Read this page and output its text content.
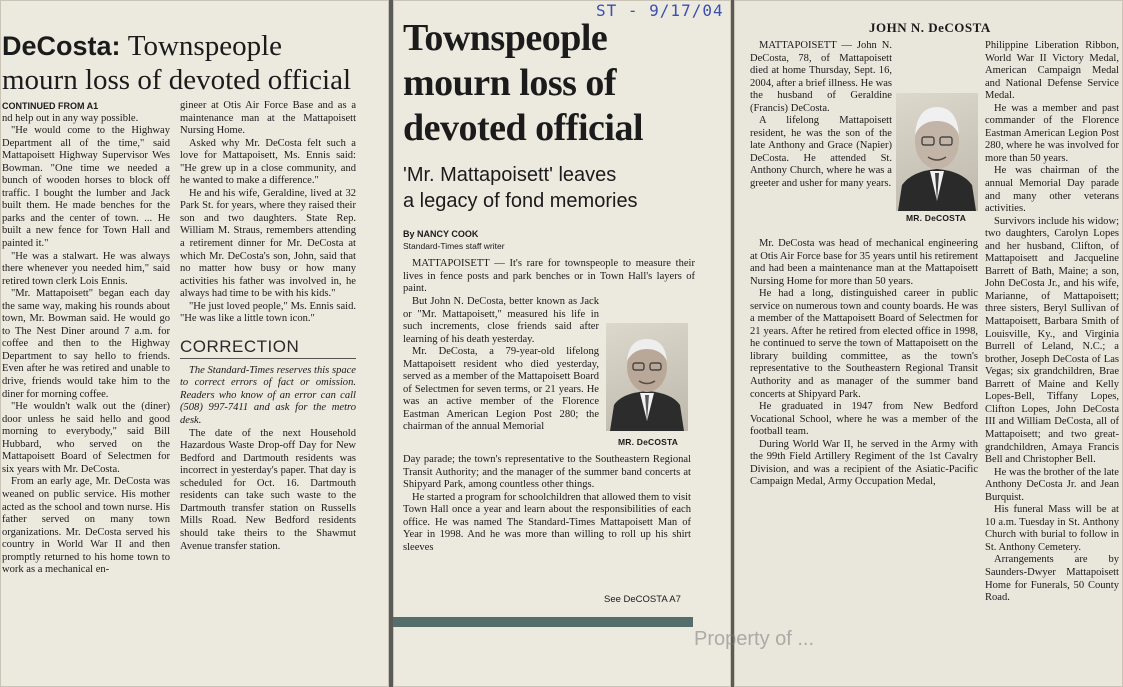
DeCosta: Townspeople
mourn loss of devoted official
CONTINUED FROM A1

nd help out in any way possible.

"He would come to the Highway Department all of the time," said Mattapoisett Highway Supervisor Wes Bowman. "One time we needed a bunch of wooden horses to block off traffic. I bought the lumber and Jack built them. He made benches for the parks and the center of town. ... He built a new fence for Town Hall and painted it."

"He was a stalwart. He was always there whenever you needed him," said retired town clerk Lois Ennis.

"Mr. Mattapoisett" began each day the same way, making his rounds about town, Mr. Bowman said. He would go to The Nest Diner around 7 a.m. for coffee and then to the Highway Department to say hello to friends. Even after he was retired and unable to drive, friends would take him to the diner for morning coffee.

"He wouldn't walk out the (diner) door unless he said hello and good morning to everybody," said Bill Hubbard, who served on the Mattapoisett Board of Selectmen for six years with Mr. DeCosta.

From an early age, Mr. DeCosta was weaned on public service. His mother acted as the school and town nurse. His father served on many town organizations. Mr. DeCosta served his country in World War II and then promptly returned to his home town to work as a mechanical en-

gineer at Otis Air Force Base and as a maintenance man at the Mattapoisett Nursing Home.

Asked why Mr. DeCosta felt such a love for Mattapoisett, Ms. Ennis said: "He grew up in a close community, and he wanted to make a difference."

He and his wife, Geraldine, lived at 32 Park St. for years, where they raised their son and two daughters. State Rep. William M. Straus, remembers attending a retirement dinner for Mr. DeCosta at which Mr. DeCosta's son, John, said that no matter how busy or how many activities his father was involved in, he always had time to be with his kids."

"He just loved people," Ms. Ennis said. "He was like a little town icon."

CORRECTION

The Standard-Times reserves this space to correct errors of fact or omission. Readers who know of an error can call (508) 997-7411 and ask for the metro desk.

The date of the next Household Hazardous Waste Drop-off Day for New Bedford and Dartmouth residents was incorrect in yesterday's paper. That day is scheduled for Oct. 16. Dartmouth residents can take such waste to the Dartmouth transfer station on Russells Mills Road. New Bedford residents should take theirs to the Shawmut Avenue transfer station.

ST - 9/17/04
Townspeople
mourn loss of
devoted official
'Mr. Mattapoisett' leaves
a legacy of fond memories
By NANCY COOK
Standard-Times staff writer

MATTAPOISETT — It's rare for townspeople to measure their lives in fence posts and park benches or in Town Hall's layers of paint.

But John N. DeCosta, better known as Jack or "Mr. Mattapoisett," measured his life in such increments, close friends said after learning of his death yesterday.

Mr. DeCosta, a 79-year-old lifelong Mattapoisett resident who died yesterday, served as a member of the Mattapoisett Board of Selectmen for seven terms, or 21 years. He was an active member of the Florence Eastman American Legion Post 280; the chairman of the annual Memorial

MR. DeCOSTA

Day parade; the town's representative to the Southeastern Regional Transit Authority; and the manager of the summer band concerts at Shipyard Park, among countless other things.

He started a program for schoolchildren that allowed them to visit Town Hall once a year and learn about the responsibilities of each office. He was named The Standard-Times Mattapoisett Man of Year in 1998. And he was more than willing to roll up his shirt sleeves

See DeCOSTA A7
JOHN N. DeCOSTA

MATTAPOISETT — John N. DeCosta, 78, of Mattapoisett died at home Thursday, Sept. 16, 2004, after a brief illness. He was the husband of Geraldine (Francis) DeCosta.

A lifelong Mattapoisett resident, he was the son of the late Anthony and Grace (Napier) DeCosta. He attended St. Anthony Church, where he was a greeter and usher for many years.

MR. DeCOSTA

Mr. DeCosta was head of mechanical engineering at Otis Air Force base for 35 years until his retirement and had been a maintenance man at the Mattapoisett Nursing Home for more than 50 years.

He had a long, distinguished career in public service on numerous town and county boards. He was a member of the Mattapoisett Board of Selectmen for 21 years. After he retired from elected office in 1998, he continued to serve the town of Mattapoisett on the library building committee, as the town's representative to the Southeastern Regional Transit Authority and as manager of the summer band concerts at Shipyard Park.

He graduated in 1947 from New Bedford Vocational School, where he was a member of the football team.

During World War II, he served in the Army with the 99th Field Artillery Regiment of the 1st Cavalry Division, and was a recipient of the Asiatic-Pacific Campaign Medal, Army Occupation Medal,

Philippine Liberation Ribbon, World War II Victory Medal, American Campaign Medal and National Defense Service Medal.

He was a member and past commander of the Florence Eastman American Legion Post 280, where he was involved for more than 50 years.

He was chairman of the annual Memorial Day parade and many other veterans activities.

Survivors include his widow; two daughters, Carolyn Lopes and her husband, Clifton, of Mattapoisett and Jacqueline Barrett of Bath, Maine; a son, John DeCosta Jr., and his wife, Marianne, of Mattapoisett; three sisters, Beryl Sullivan of Mattapoisett, Barbara Smith of Louisville, Ky., and Virginia Burrell of Leland, N.C.; a brother, Joseph DeCosta of Las Vegas; six grandchildren, Brae Barrett of Maine and Kelly Lopes-Bell, Tiffany Lopes, Clifton Lopes, John DeCosta III and William DeCosta, all of Mattapoisett; and two great-grandchildren, Amaya Francis Bell and Christopher Bell.

He was the brother of the late Anthony DeCosta Jr. and Jean Burquist.

His funeral Mass will be at 10 a.m. Tuesday in St. Anthony Church with burial to follow in St. Anthony Cemetery.

Arrangements are by Saunders-Dwyer Mattapoisett Home for Funerals, 50 County Road.

Property of ...
